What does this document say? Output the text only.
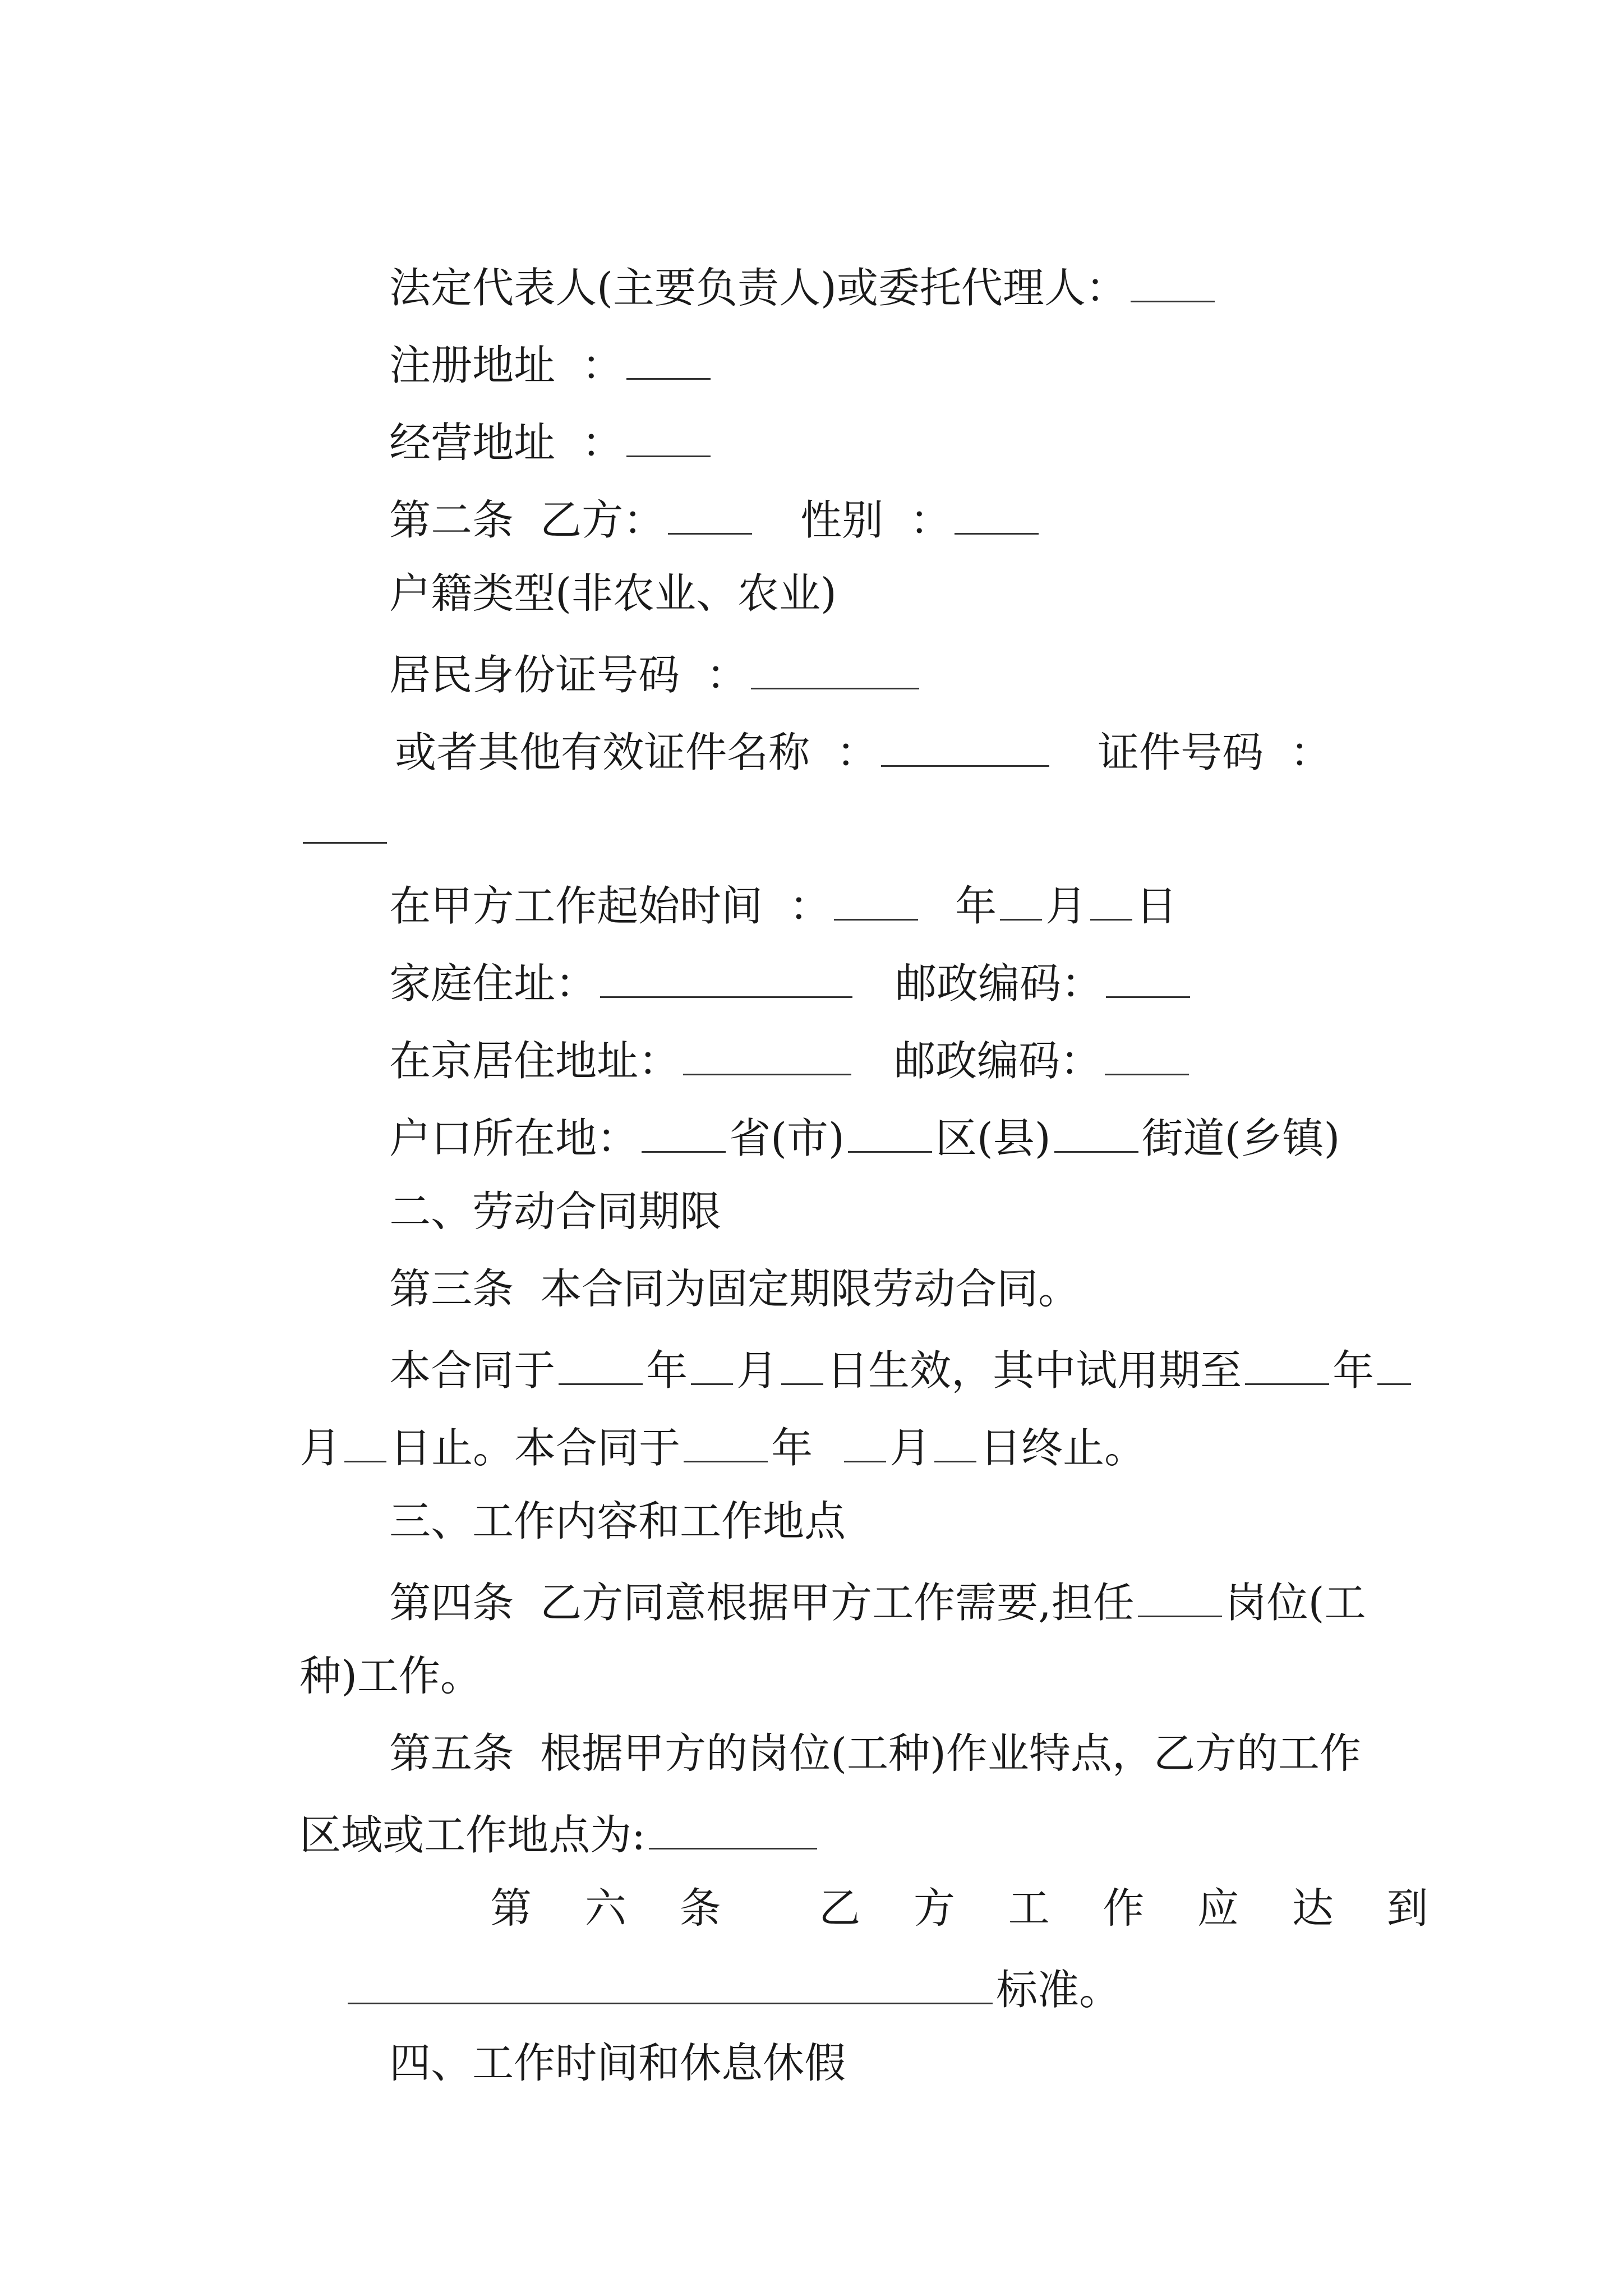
法定代表人(主要负责人)或委托代理人：

注册地址  ：

经营地址  ：

第二条  乙方：	性别  ：

户籍类型(非农业、农业)

居民身份证号码  ：

或者其他有效证件名称  ：	证件号码  ：

在甲方工作起始时间  ：	年 月 日

家庭住址：	邮政编码：

在京居住地址：	邮政编码：

户口所在地： 省(市) 区(县) 街道(乡镇)

二、劳动合同期限

第三条  本合同为固定期限劳动合同。

本合同于 年 月 日生效，其中试用期至 年

月 日止。本合同于 年 月 日终止。

三、工作内容和工作地点

第四条  乙方同意根据甲方工作需要,担任 岗位(工

种)工作。

第五条  根据甲方的岗位(工种)作业特点，乙方的工作

区域或工作地点为:

第六条 乙方工作应达到

标准。

四、工作时间和休息休假
